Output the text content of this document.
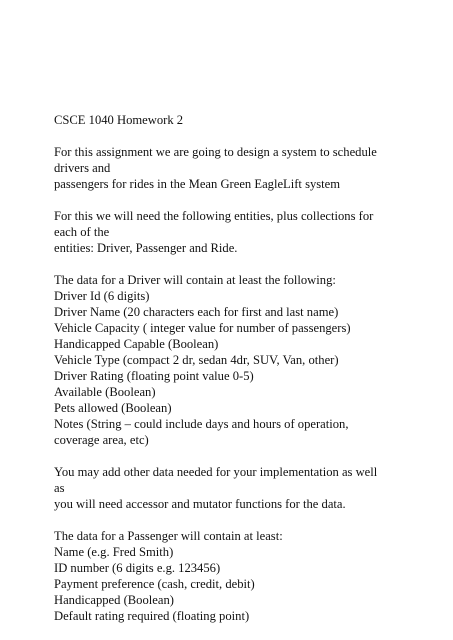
CSCE 1040 Homework 2
For this assignment we are going to design a system to schedule
drivers and
passengers for rides in the Mean Green EagleLift system
For this we will need the following entities, plus collections for
each of the
entities: Driver, Passenger and Ride.
The data for a Driver will contain at least the following:
Driver Id (6 digits)
Driver Name (20 characters each for first and last name)
Vehicle Capacity ( integer value for number of passengers)
Handicapped Capable (Boolean)
Vehicle Type (compact 2 dr, sedan 4dr, SUV, Van, other)
Driver Rating (floating point value 0-5)
Available (Boolean)
Pets allowed (Boolean)
Notes (String – could include days and hours of operation,
coverage area, etc)
You may add other data needed for your implementation as well
as
you will need accessor and mutator functions for the data.
The data for a Passenger will contain at least:
Name (e.g. Fred Smith)
ID number (6 digits e.g. 123456)
Payment preference (cash, credit, debit)
Handicapped (Boolean)
Default rating required (floating point)
